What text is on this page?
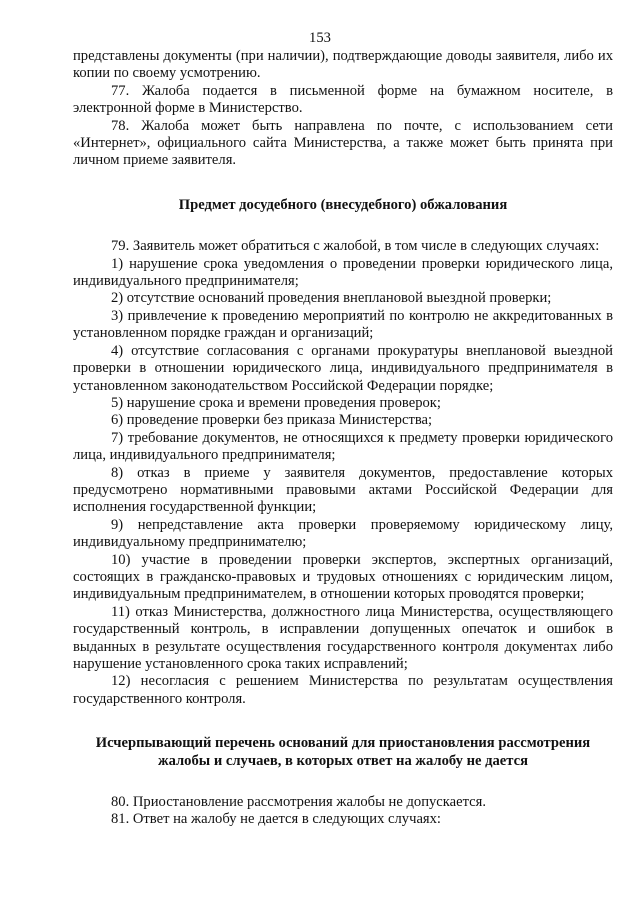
153

представлены документы (при наличии), подтверждающие доводы заявителя, либо их копии по своему усмотрению.

77. Жалоба подается в письменной форме на бумажном носителе, в электронной форме в Министерство.

78. Жалоба может быть направлена по почте, с использованием сети «Интернет», официального сайта Министерства, а также может быть принята при личном приеме заявителя.

Предмет досудебного (внесудебного) обжалования

79. Заявитель может обратиться с жалобой, в том числе в следующих случаях:

1) нарушение срока уведомления о проведении проверки юридического лица, индивидуального предпринимателя;

2) отсутствие оснований проведения внеплановой выездной проверки;

3) привлечение к проведению мероприятий по контролю не аккредитованных в установленном порядке граждан и организаций;

4) отсутствие согласования с органами прокуратуры внеплановой выездной проверки в отношении юридического лица, индивидуального предпринимателя в установленном законодательством Российской Федерации порядке;

5) нарушение срока и времени проведения проверок;

6) проведение проверки без приказа Министерства;

7) требование документов, не относящихся к предмету проверки юридического лица, индивидуального предпринимателя;

8) отказ в приеме у заявителя документов, предоставление которых предусмотрено нормативными правовыми актами Российской Федерации для исполнения государственной функции;

9) непредставление акта проверки проверяемому юридическому лицу, индивидуальному предпринимателю;

10) участие в проведении проверки экспертов, экспертных организаций, состоящих в гражданско-правовых и трудовых отношениях с юридическим лицом, индивидуальным предпринимателем, в отношении которых проводятся проверки;

11) отказ Министерства, должностного лица Министерства, осуществляющего государственный контроль, в исправлении допущенных опечаток и ошибок в выданных в результате осуществления государственного контроля документах либо нарушение установленного срока таких исправлений;

12) несогласия с решением Министерства по результатам осуществления государственного контроля.

Исчерпывающий перечень оснований для приостановления рассмотрения жалобы и случаев, в которых ответ на жалобу не дается

80. Приостановление рассмотрения жалобы не допускается.

81. Ответ на жалобу не дается в следующих случаях:
